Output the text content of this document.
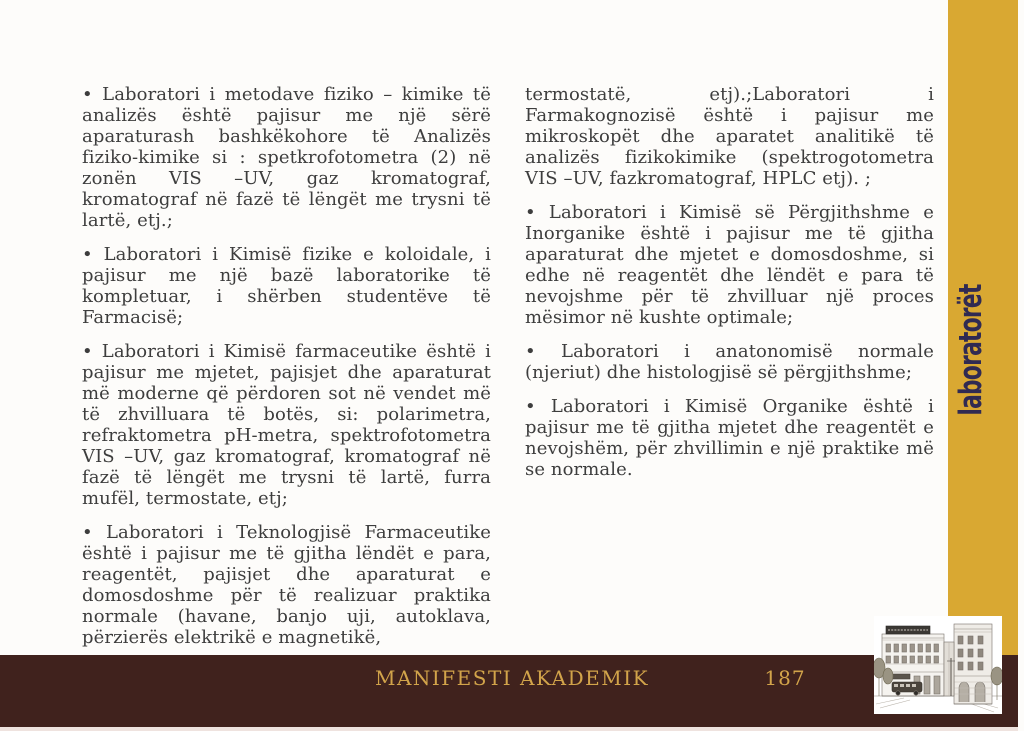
• Laboratori i metodave fiziko – kimike të analizës është pajisur me një sërë aparaturash bashkëkohore të Analizës fiziko-kimike si : spetkrofotometra (2) në zonën VIS –UV, gaz kromatograf, kromatograf në fazë të lëngët me trysni të lartë, etj.;

• Laboratori i Kimisë fizike e koloidale, i pajisur me një bazë laboratorike të kompletuar, i shërben studentëve të Farmacisë;

• Laboratori i Kimisë farmaceutike është i pajisur me mjetet, pajisjet dhe aparaturat më moderne që përdoren sot në vendet më të zhvilluara të botës, si: polarimetra, refraktometra pH-metra, spektrofotometra VIS –UV, gaz kromatograf, kromatograf në fazë të lëngët me trysni të lartë, furra mufël, termostate, etj;

• Laboratori i Teknologjisë Farmaceutike është i pajisur me të gjitha lëndët e para, reagentët, pajisjet dhe aparaturat e domosdoshme për të realizuar praktika normale (havane, banjo uji, autoklava, përzierës elektrikë e magnetikë,

termostatë, etj).;Laboratori i Farmakognozisë është i pajisur me mikroskopët dhe aparatet analitikë të analizës fizikokimike (spektrogotometra VIS –UV, fazkromatograf, HPLC etj). ;

• Laboratori i Kimisë së Përgjithshme e Inorganike është i pajisur me të gjitha aparaturat dhe mjetet e domosdoshme, si edhe në reagentët dhe lëndët e para të nevojshme për të zhvilluar një proces mësimor në kushte optimale;

• Laboratori i anatonomisë normale (njeriut) dhe histologjisë së përgjithshme;

• Laboratori i Kimisë Organike është i pajisur me të gjitha mjetet dhe reagentët e nevojshëm, për zhvillimin e një praktike më se normale.

laboratorët
MANIFESTI AKADEMIK	187
